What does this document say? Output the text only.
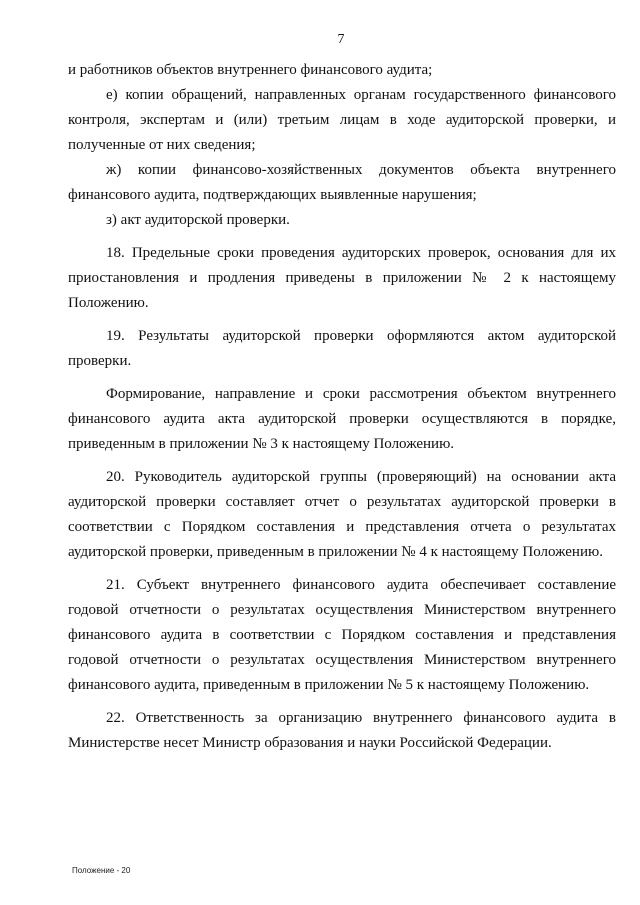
7

и работников объектов внутреннего финансового аудита;

е) копии обращений, направленных органам государственного финансового контроля, экспертам и (или) третьим лицам в ходе аудиторской проверки, и полученные от них сведения;

ж) копии финансово-хозяйственных документов объекта внутреннего финансового аудита, подтверждающих выявленные нарушения;

з) акт аудиторской проверки.

18. Предельные сроки проведения аудиторских проверок, основания для их приостановления и продления приведены в приложении № 2 к настоящему Положению.

19. Результаты аудиторской проверки оформляются актом аудиторской проверки.

Формирование, направление и сроки рассмотрения объектом внутреннего финансового аудита акта аудиторской проверки осуществляются в порядке, приведенным в приложении № 3 к настоящему Положению.

20. Руководитель аудиторской группы (проверяющий) на основании акта аудиторской проверки составляет отчет о результатах аудиторской проверки в соответствии с Порядком составления и представления отчета о результатах аудиторской проверки, приведенным в приложении № 4 к настоящему Положению.

21. Субъект внутреннего финансового аудита обеспечивает составление годовой отчетности о результатах осуществления Министерством внутреннего финансового аудита в соответствии с Порядком составления и представления годовой отчетности о результатах осуществления Министерством внутреннего финансового аудита, приведенным в приложении № 5 к настоящему Положению.

22. Ответственность за организацию внутреннего финансового аудита в Министерстве несет Министр образования и науки Российской Федерации.

Положение - 20
